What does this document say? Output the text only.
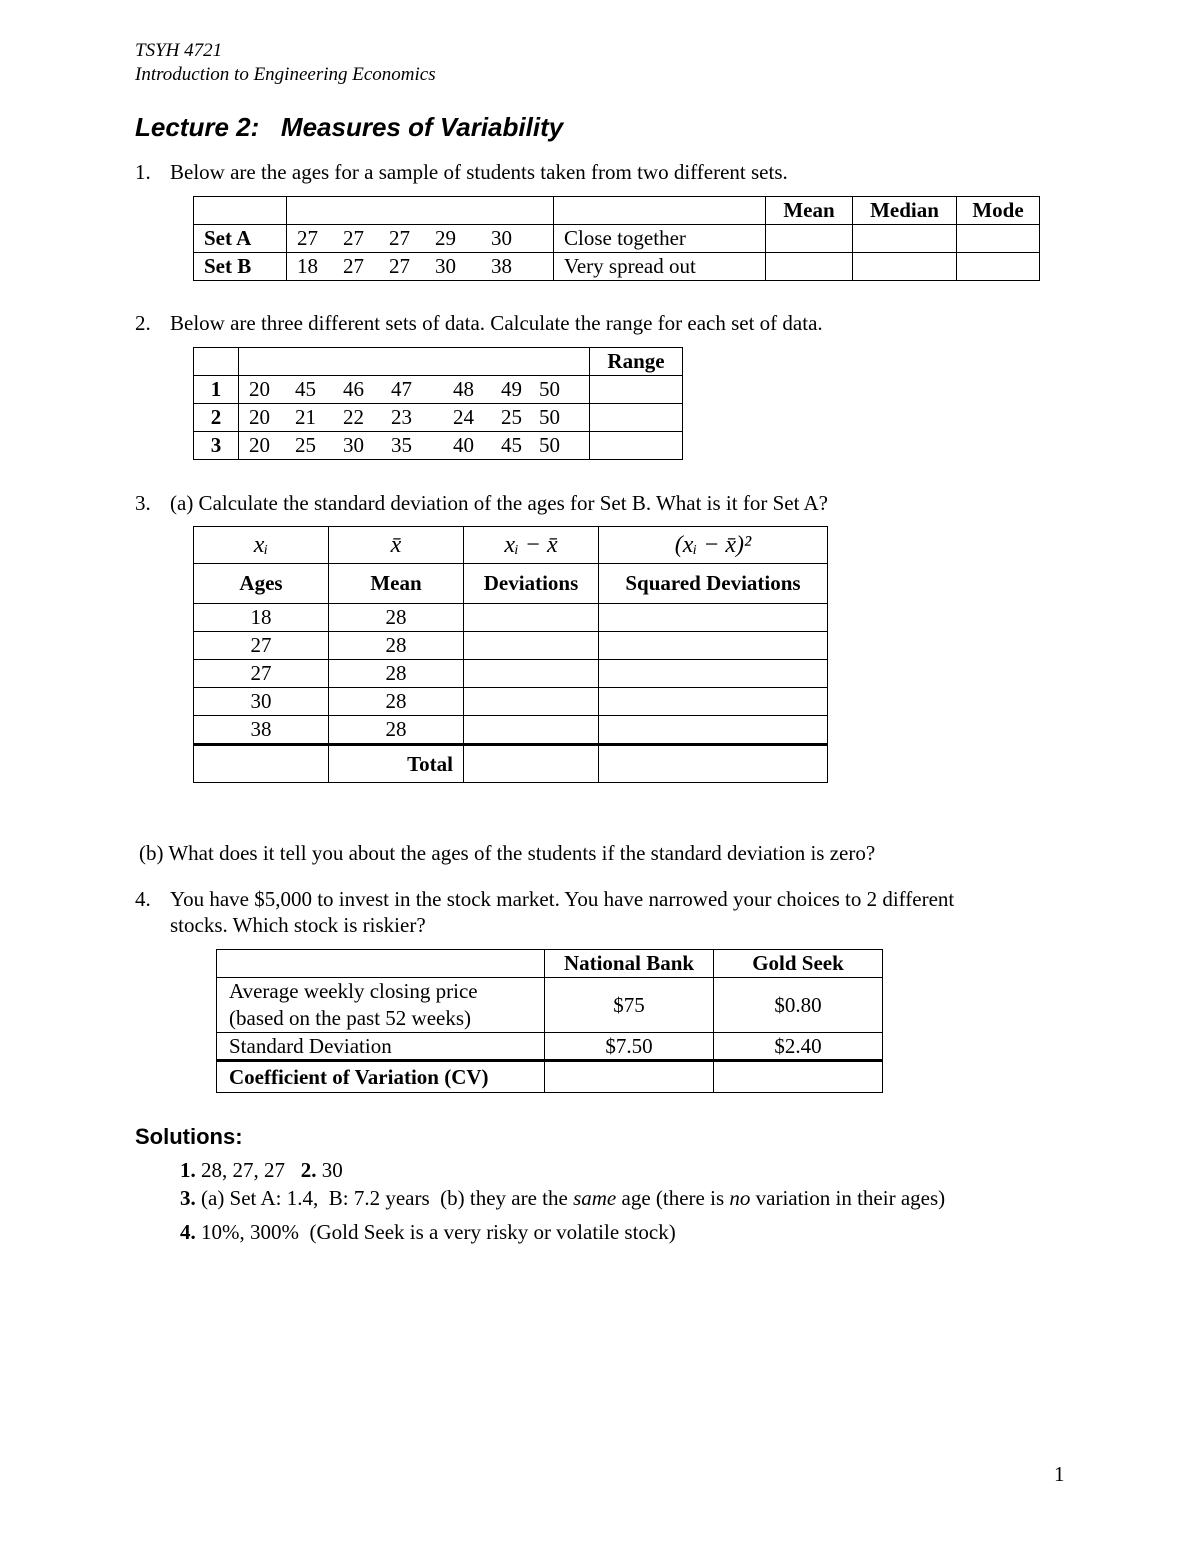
TSYH 4721
Introduction to Engineering Economics
Lecture 2:   Measures of Variability
1. Below are the ages for a sample of students taken from two different sets.
			Mean	Median	Mode
Set A	27 27 27 29 30	Close together			
Set B	18 27 27 30 38	Very spread out			
2. Below are three different sets of data. Calculate the range for each set of data.
		Range
1	20 45 46 47 48 49 50	
2	20 21 22 23 24 25 50	
3	20 25 30 35 40 45 50	
3. (a) Calculate the standard deviation of the ages for Set B. What is it for Set A?
xᵢ	x̄	xᵢ − x̄	(xᵢ − x̄)²
Ages	Mean	Deviations	Squared Deviations
18	28		
27	28		
27	28		
30	28		
38	28		
	Total		
(b) What does it tell you about the ages of the students if the standard deviation is zero?
4. You have $5,000 to invest in the stock market. You have narrowed your choices to 2 different
stocks. Which stock is riskier?
	National Bank	Gold Seek

Average weekly closing price
(based on the past 52 weeks)	$75	$0.80
Standard Deviation	$7.50	$2.40
Coefficient of Variation (CV)		
Solutions:
1. 28, 27, 27   2. 30
3. (a) Set A: 1.4,  B: 7.2 years  (b) they are the same age (there is no variation in their ages)
4. 10%, 300%  (Gold Seek is a very risky or volatile stock)
1
